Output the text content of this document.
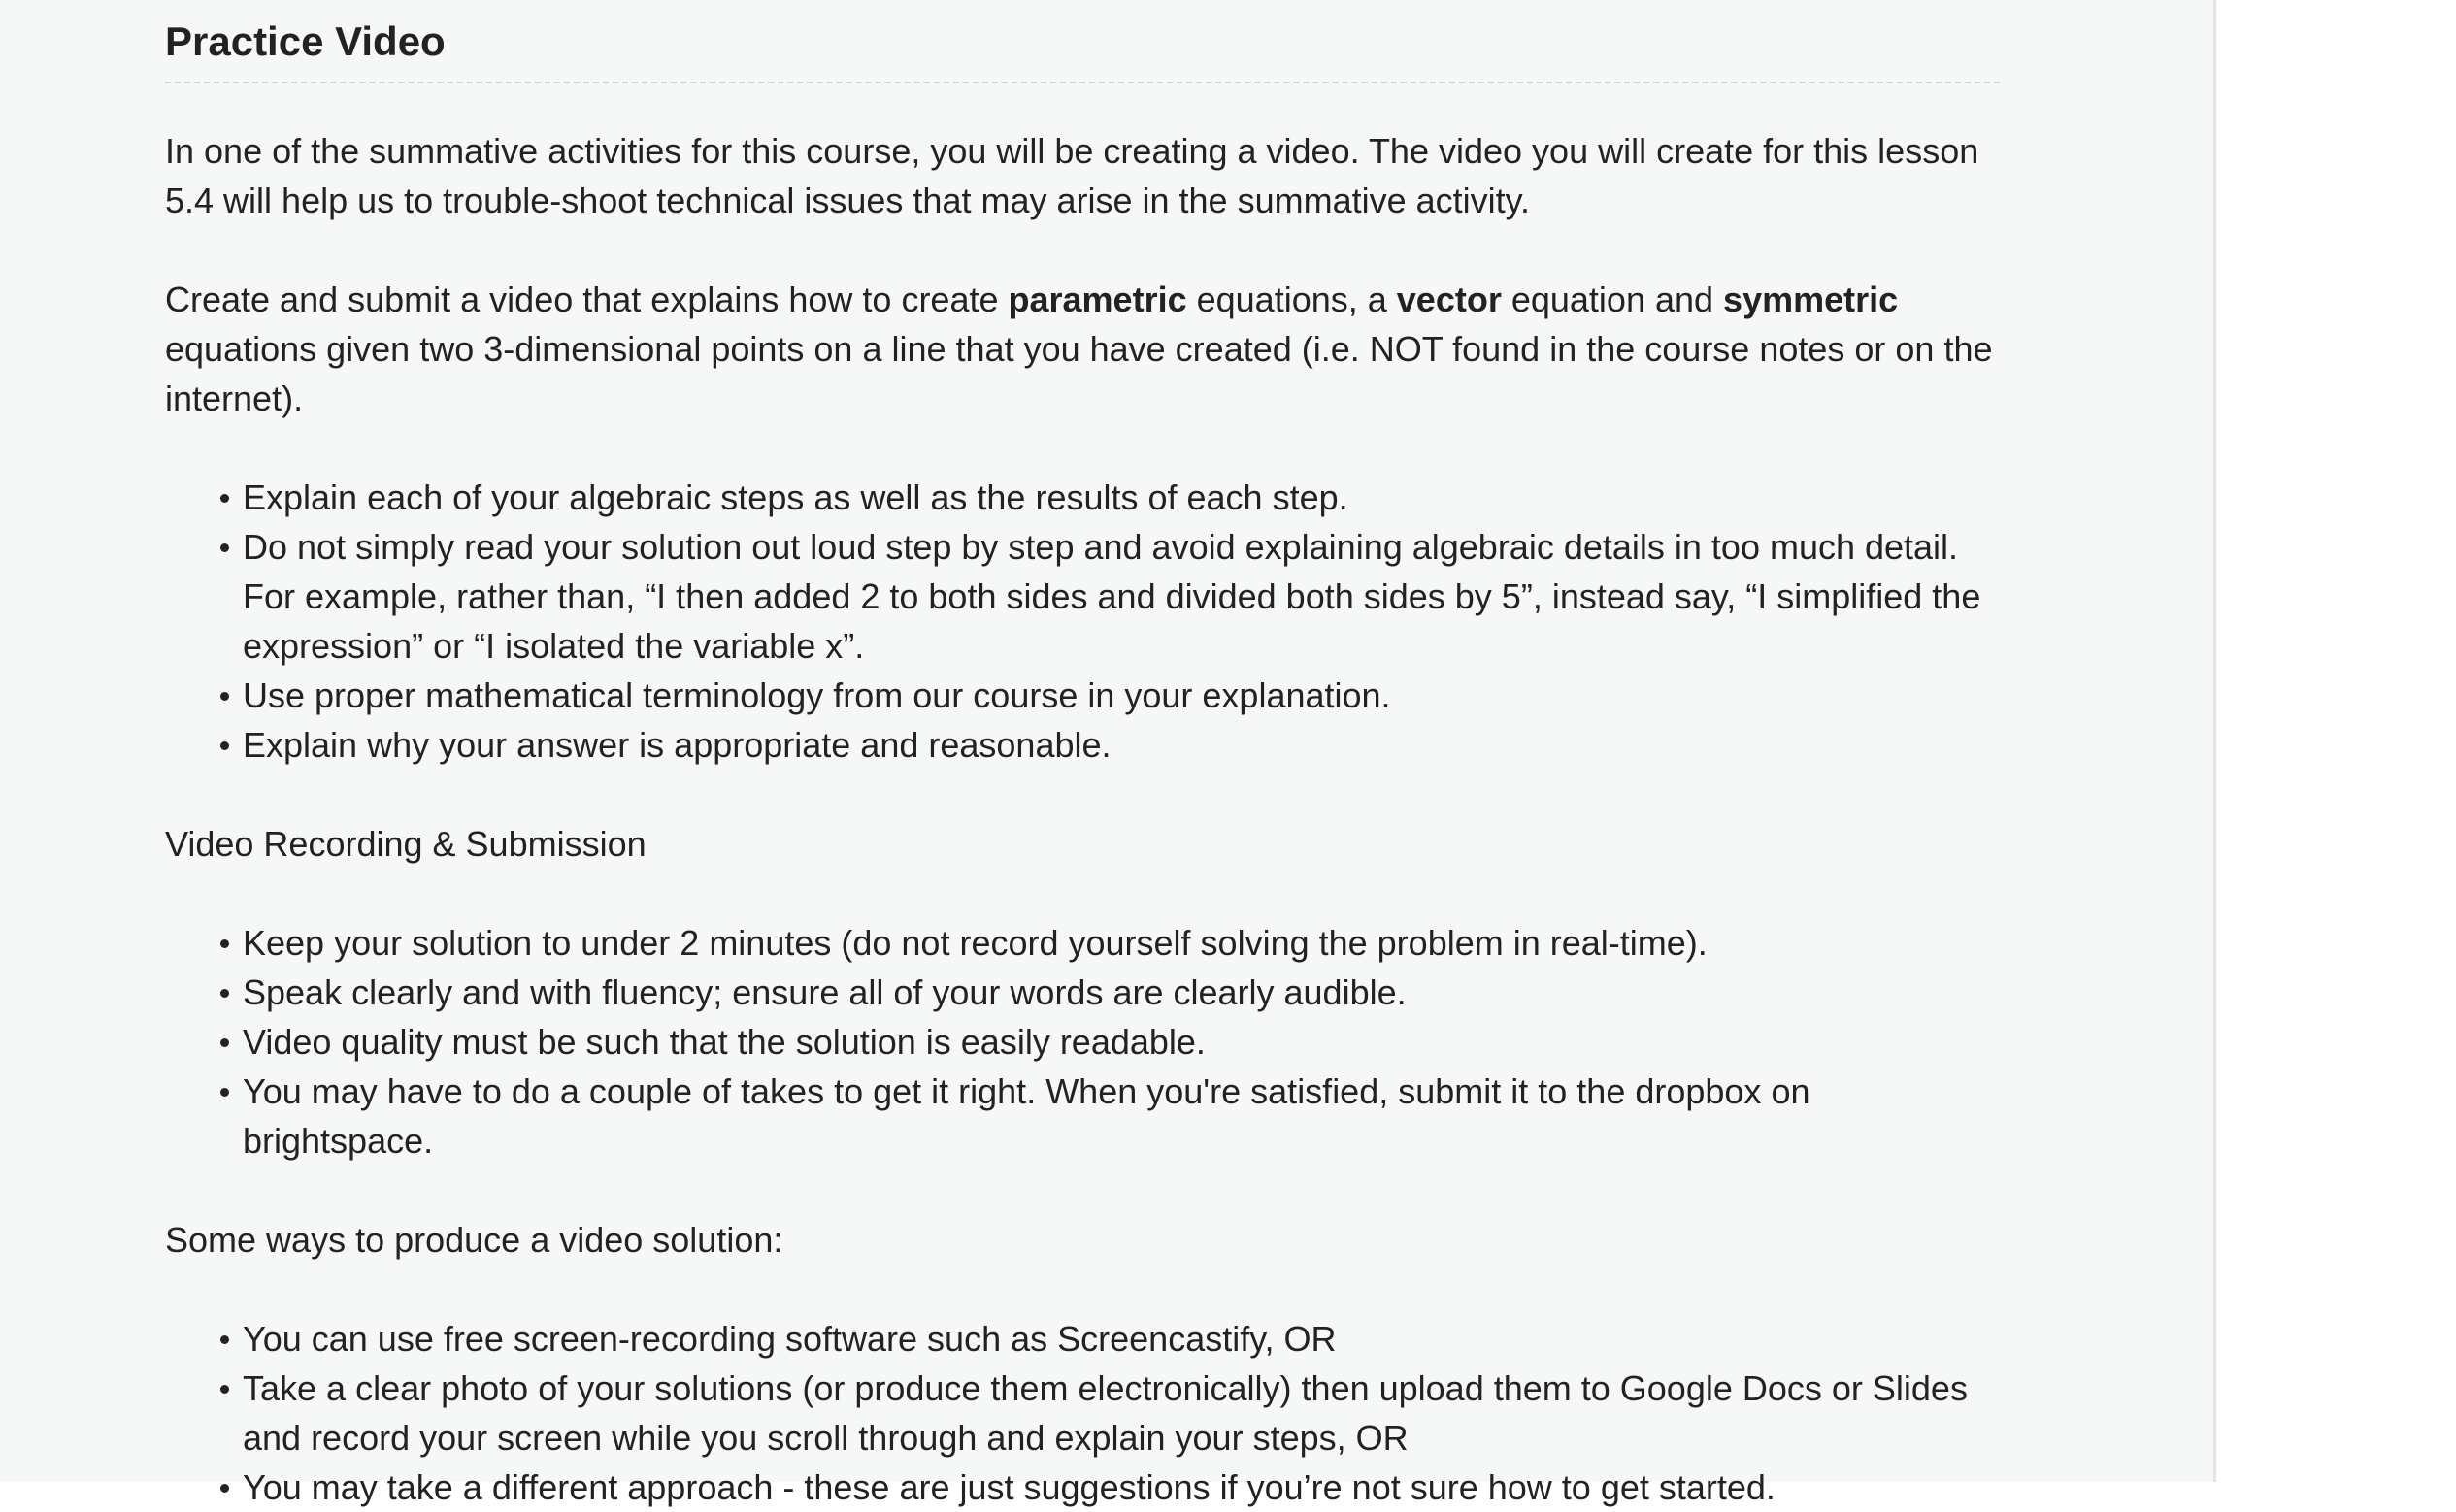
Practice Video

In one of the summative activities for this course, you will be creating a video. The video you will create for this lesson 5.4 will help us to trouble-shoot technical issues that may arise in the summative activity.

Create and submit a video that explains how to create parametric equations, a vector equation and symmetric equations given two 3-dimensional points on a line that you have created (i.e. NOT found in the course notes or on the internet).

Explain each of your algebraic steps as well as the results of each step.
Do not simply read your solution out loud step by step and avoid explaining algebraic details in too much detail. For example, rather than, “I then added 2 to both sides and divided both sides by 5”, instead say, “I simplified the expression” or “I isolated the variable x”.
Use proper mathematical terminology from our course in your explanation.
Explain why your answer is appropriate and reasonable.

Video Recording & Submission

Keep your solution to under 2 minutes (do not record yourself solving the problem in real-time).
Speak clearly and with fluency; ensure all of your words are clearly audible.
Video quality must be such that the solution is easily readable.
You may have to do a couple of takes to get it right. When you're satisfied, submit it to the dropbox on brightspace.

Some ways to produce a video solution:

You can use free screen-recording software such as Screencastify, OR
Take a clear photo of your solutions (or produce them electronically) then upload them to Google Docs or Slides and record your screen while you scroll through and explain your steps, OR
You may take a different approach - these are just suggestions if you’re not sure how to get started.
